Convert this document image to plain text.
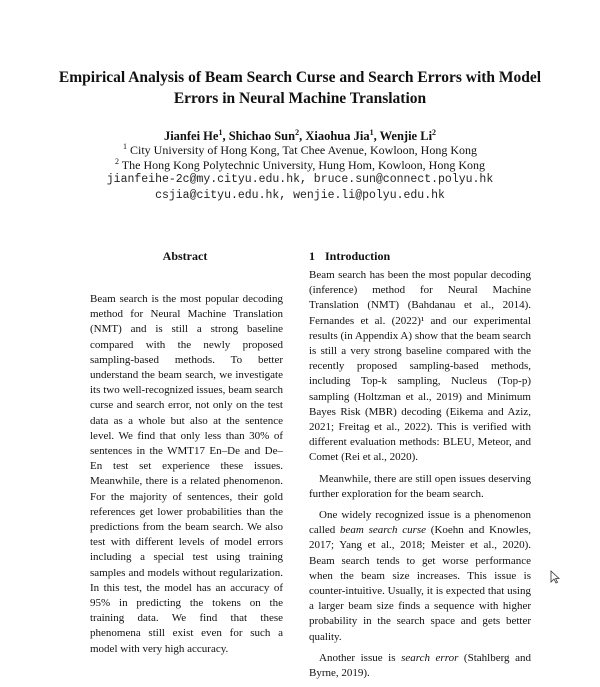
Empirical Analysis of Beam Search Curse and Search Errors with Model Errors in Neural Machine Translation
Jianfei He$^1$, Shichao Sun$^2$, Xiaohua Jia$^1$, Wenjie Li$^2$
$^1$ City University of Hong Kong, Tat Chee Avenue, Kowloon, Hong Kong
$^2$ The Hong Kong Polytechnic University, Hung Hom, Kowloon, Hong Kong
jianfeihe-2c@my.cityu.edu.hk, bruce.sun@connect.polyu.hk
csjia@cityu.edu.hk, wenjie.li@polyu.edu.hk
Abstract

Beam search is the most popular decoding method for Neural Machine Translation (NMT) and is still a strong baseline compared with the newly proposed sampling-based methods. To better understand the beam search, we investigate its two well-recognized issues, beam search curse and search error, not only on the test data as a whole but also at the sentence level. We find that only less than 30% of sentences in the WMT17 En–De and De–En test set experience these issues. Meanwhile, there is a related phenomenon. For the majority of sentences, their gold references get lower probabilities than the predictions from the beam search. We also test with different levels of model errors including a special test using training samples and models without regularization. In this test, the model has an accuracy of 95% in predicting the tokens on the training data. We find that these phenomena still exist even for such a model with very high accuracy.

1 Introduction

Beam search has been the most popular decoding (inference) method for Neural Machine Translation (NMT) (Bahdanau et al., 2014). Fernandes et al. (2022)¹ and our experimental results (in Appendix A) show that the beam search is still a very strong baseline compared with the recently proposed sampling-based methods, including Top-k sampling, Nucleus (Top-p) sampling (Holtzman et al., 2019) and Minimum Bayes Risk (MBR) decoding (Eikema and Aziz, 2021; Freitag et al., 2022). This is verified with different evaluation methods: BLEU, Meteor, and Comet (Rei et al., 2020).

Meanwhile, there are still open issues deserving further exploration for the beam search.

One widely recognized issue is a phenomenon called beam search curse (Koehn and Knowles, 2017; Yang et al., 2018; Meister et al., 2020). Beam search tends to get worse performance when the beam size increases. This issue is counter-intuitive. Usually, it is expected that using a larger beam size finds a sequence with higher probability in the search space and gets better quality.

Another issue is search error (Stahlberg and Byrne, 2019).
